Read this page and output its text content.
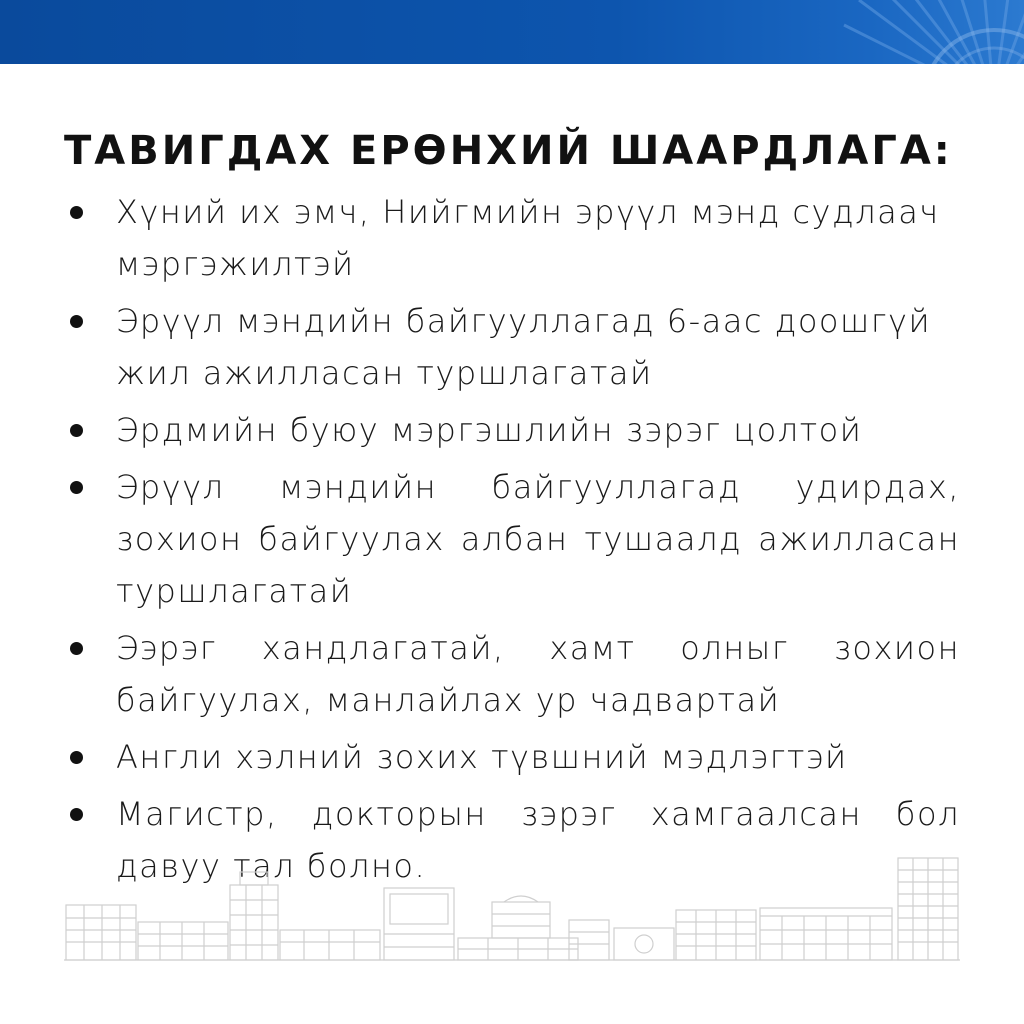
ТАВИГДАХ ЕРӨНХИЙ ШААРДЛАГА:
Хүний их эмч, Нийгмийн эрүүл мэнд судлаач мэргэжилтэй
Эрүүл мэндийн байгууллагад 6-аас доошгүй жил ажилласан туршлагатай
Эрдмийн буюу мэргэшлийн зэрэг цолтой
Эрүүл мэндийн байгууллагад удирдах, зохион байгуулах албан тушаалд ажилласан туршлагатай
Ээрэг хандлагатай, хамт олныг зохион байгуулах, манлайлах ур чадвартай
Англи хэлний зохих түвшний мэдлэгтэй
Магистр, докторын зэрэг хамгаалсан бол давуу тал болно.
